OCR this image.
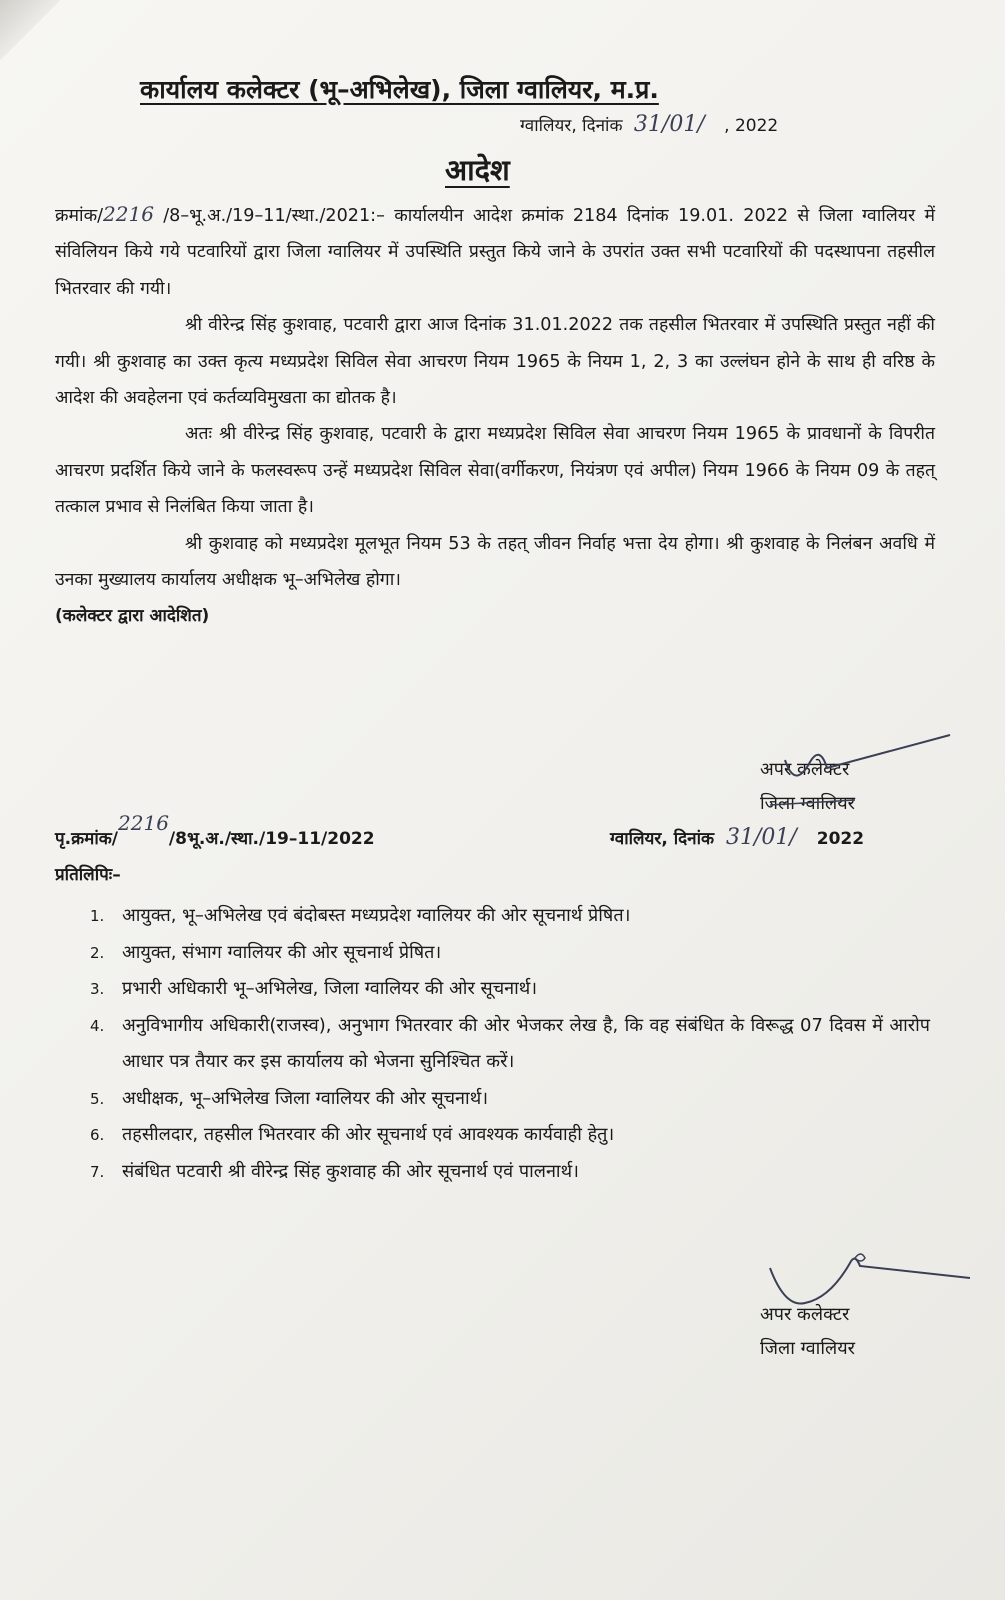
कार्यालय कलेक्टर (भू–अभिलेख), जिला ग्वालियर, म.प्र.
ग्वालियर, दिनांक 31/01/ , 2022
आदेश

क्रमांक/2216 /8–भू.अ./19–11/स्था./2021:– कार्यालयीन आदेश क्रमांक 2184 दिनांक 19.01. 2022 से जिला ग्वालियर में संविलियन किये गये पटवारियों द्वारा जिला ग्वालियर में उपस्थिति प्रस्तुत किये जाने के उपरांत उक्त सभी पटवारियों की पदस्थापना तहसील भितरवार की गयी।

श्री वीरेन्द्र सिंह कुशवाह, पटवारी द्वारा आज दिनांक 31.01.2022 तक तहसील भितरवार में उपस्थिति प्रस्तुत नहीं की गयी। श्री कुशवाह का उक्त कृत्य मध्यप्रदेश सिविल सेवा आचरण नियम 1965 के नियम 1, 2, 3 का उल्लंघन होने के साथ ही वरिष्ठ के आदेश की अवहेलना एवं कर्तव्यविमुखता का द्योतक है।

अतः श्री वीरेन्द्र सिंह कुशवाह, पटवारी के द्वारा मध्यप्रदेश सिविल सेवा आचरण नियम 1965 के प्रावधानों के विपरीत आचरण प्रदर्शित किये जाने के फलस्वरूप उन्हें मध्यप्रदेश सिविल सेवा(वर्गीकरण, नियंत्रण एवं अपील) नियम 1966 के नियम 09 के तहत् तत्काल प्रभाव से निलंबित किया जाता है।

श्री कुशवाह को मध्यप्रदेश मूलभूत नियम 53 के तहत् जीवन निर्वाह भत्ता देय होगा। श्री कुशवाह के निलंबन अवधि में उनका मुख्यालय कार्यालय अधीक्षक भू–अभिलेख होगा।

(कलेक्टर द्वारा आदेशित)

अपर कलेक्टर
जिला ग्वालियर
पृ.क्रमांक/2216/8भू.अ./स्था./19–11/2022	ग्वालियर, दिनांक 31/01/ 2022
प्रतिलिपिः–
1. आयुक्त, भू–अभिलेख एवं बंदोबस्त मध्यप्रदेश ग्वालियर की ओर सूचनार्थ प्रेषित।
2. आयुक्त, संभाग ग्वालियर की ओर सूचनार्थ प्रेषित।
3. प्रभारी अधिकारी भू–अभिलेख, जिला ग्वालियर की ओर सूचनार्थ।
4. अनुविभागीय अधिकारी(राजस्व), अनुभाग भितरवार की ओर भेजकर लेख है, कि वह संबंधित के विरूद्ध 07 दिवस में आरोप आधार पत्र तैयार कर इस कार्यालय को भेजना सुनिश्चित करें।
5. अधीक्षक, भू–अभिलेख जिला ग्वालियर की ओर सूचनार्थ।
6. तहसीलदार, तहसील भितरवार की ओर सूचनार्थ एवं आवश्यक कार्यवाही हेतु।
7. संबंधित पटवारी श्री वीरेन्द्र सिंह कुशवाह की ओर सूचनार्थ एवं पालनार्थ।
अपर कलेक्टर
जिला ग्वालियर
